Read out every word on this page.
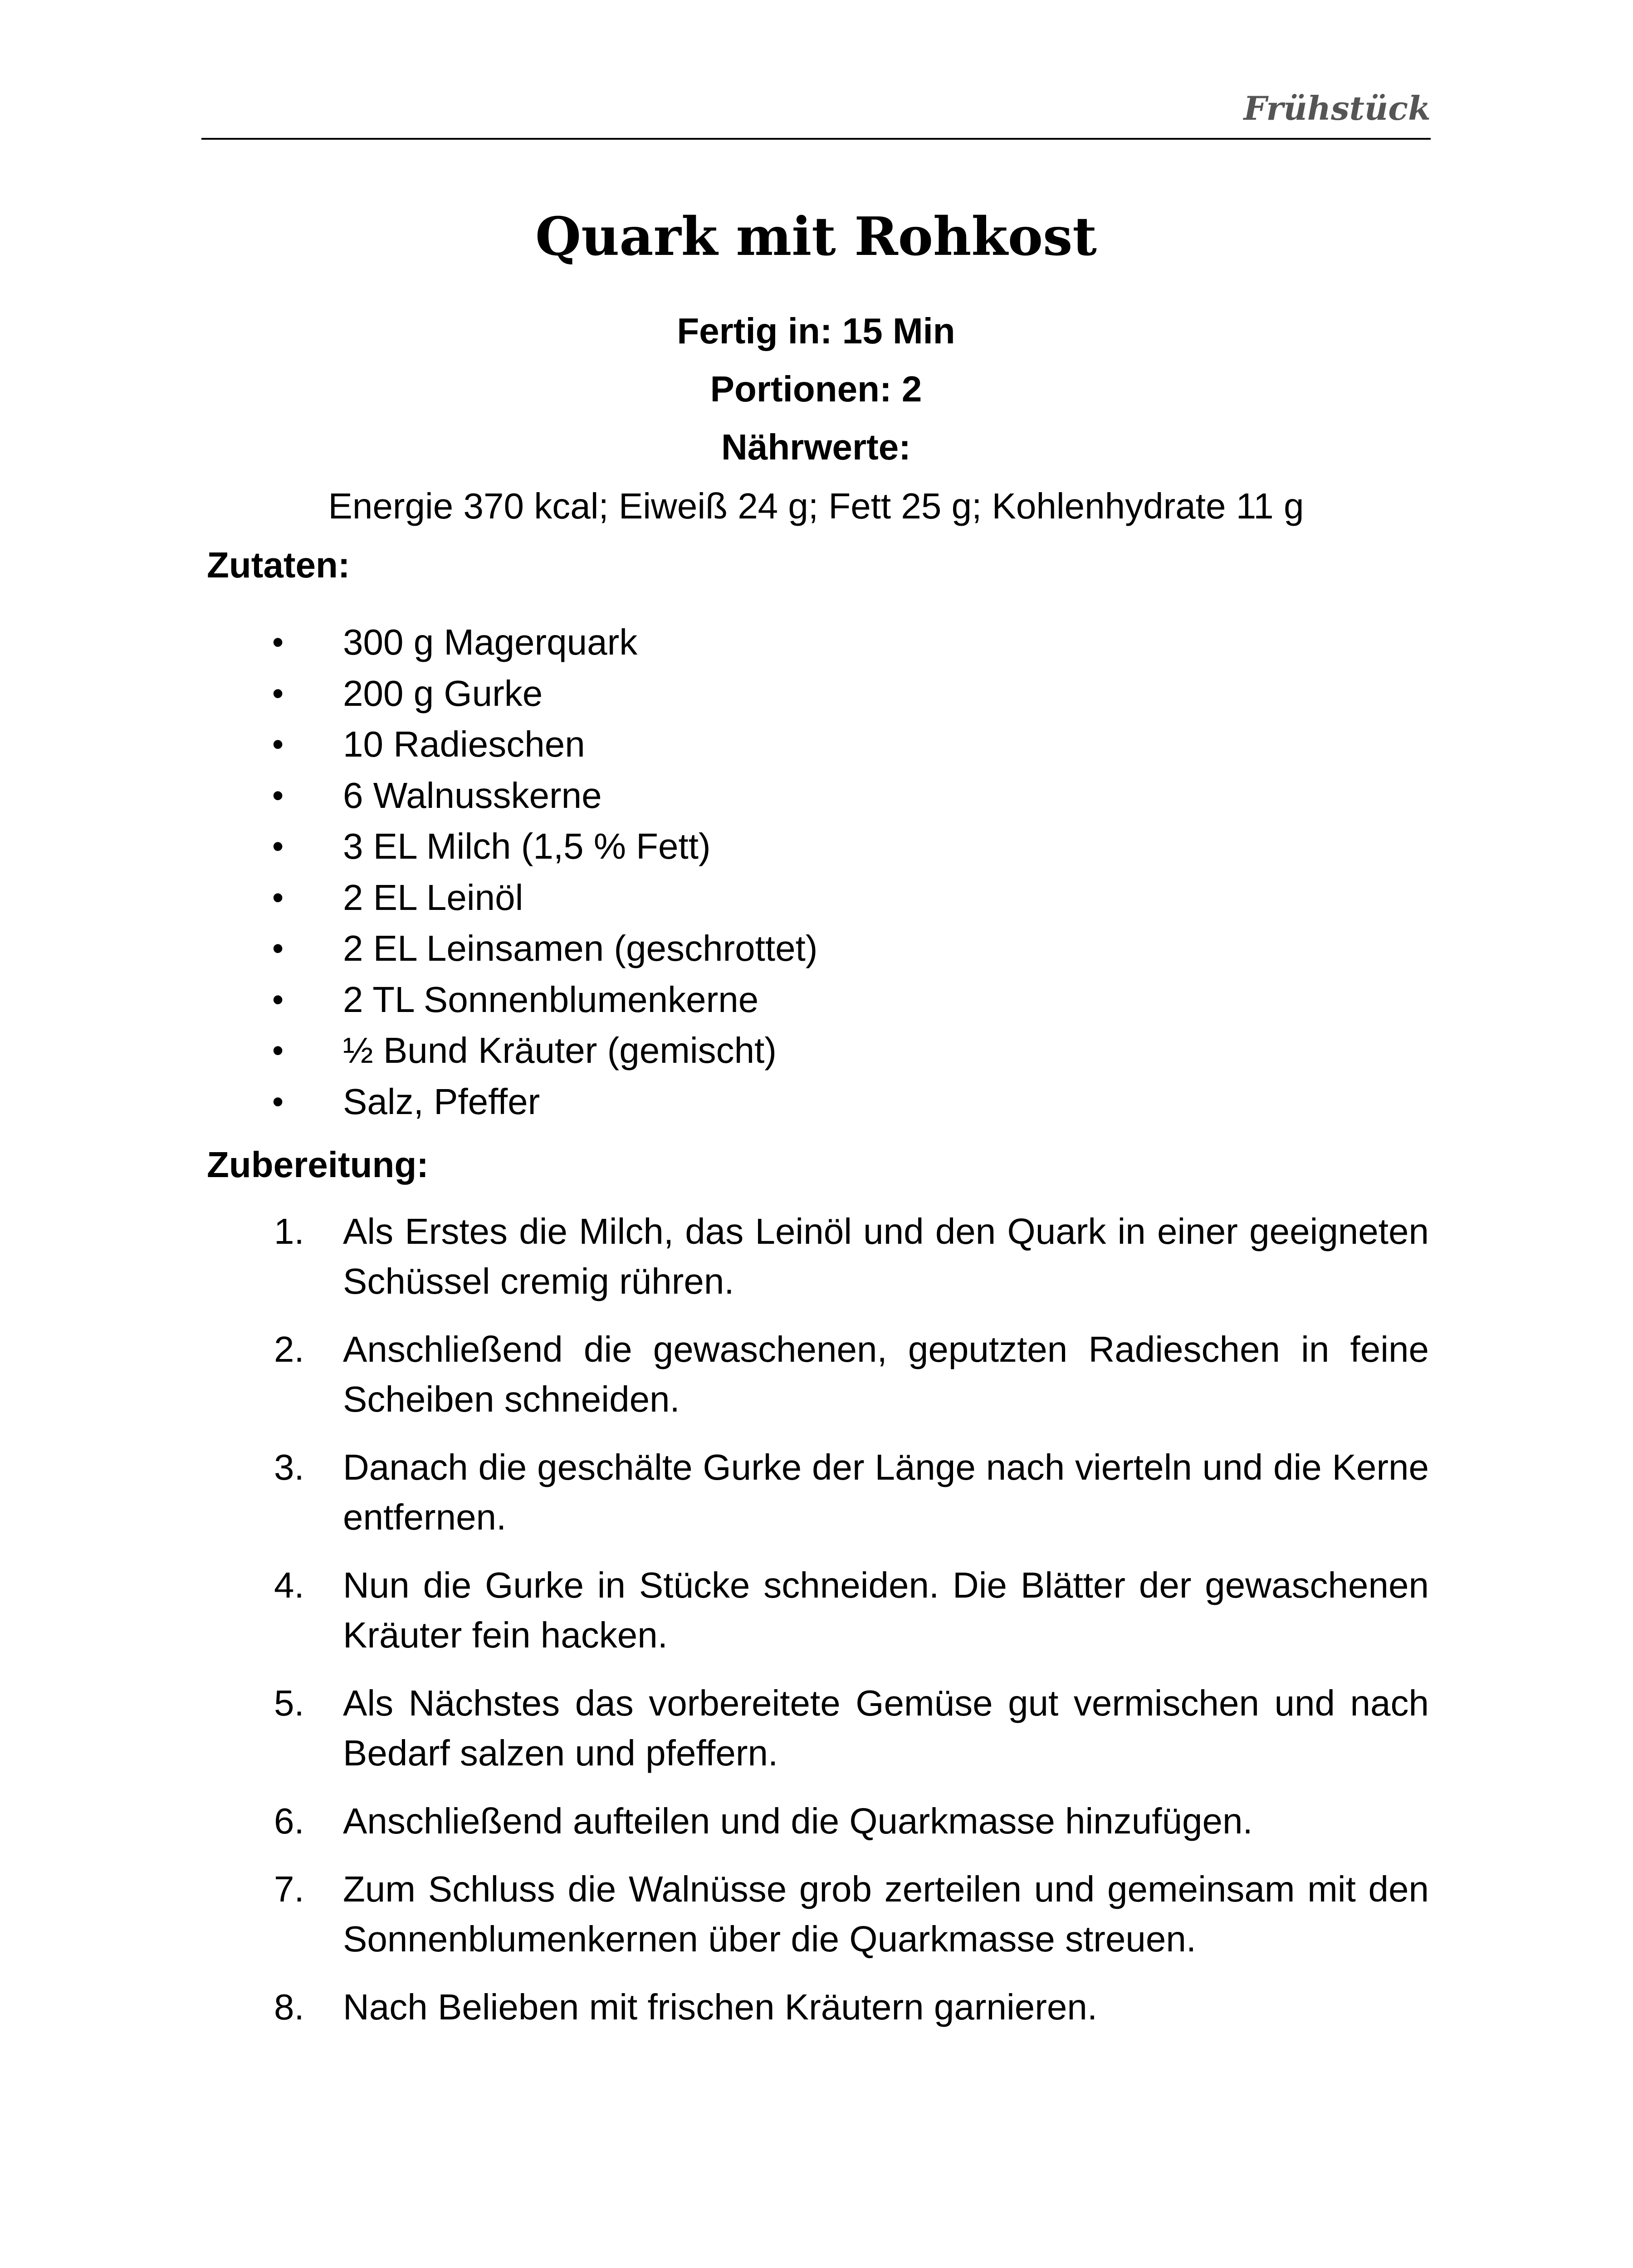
Frühstück
Quark mit Rohkost
Fertig in: 15 Min
Portionen: 2
Nährwerte:
Energie 370 kcal; Eiweiß 24 g; Fett 25 g; Kohlenhydrate 11 g
Zutaten:
• 300 g Magerquark
• 200 g Gurke
• 10 Radieschen
• 6 Walnusskerne
• 3 EL Milch (1,5 % Fett)
• 2 EL Leinöl
• 2 EL Leinsamen (geschrottet)
• 2 TL Sonnenblumenkerne
• ½ Bund Kräuter (gemischt)
• Salz, Pfeffer
Zubereitung:
1. Als Erstes die Milch, das Leinöl und den Quark in einer geeigneten Schüssel cremig rühren.
2. Anschließend die gewaschenen, geputzten Radieschen in feine Scheiben schneiden.
3. Danach die geschälte Gurke der Länge nach vierteln und die Kerne entfernen.
4. Nun die Gurke in Stücke schneiden. Die Blätter der gewaschenen Kräuter fein hacken.
5. Als Nächstes das vorbereitete Gemüse gut vermischen und nach Bedarf salzen und pfeffern.
6. Anschließend aufteilen und die Quarkmasse hinzufügen.
7. Zum Schluss die Walnüsse grob zerteilen und gemeinsam mit den Sonnenblumenkernen über die Quarkmasse streuen.
8. Nach Belieben mit frischen Kräutern garnieren.
